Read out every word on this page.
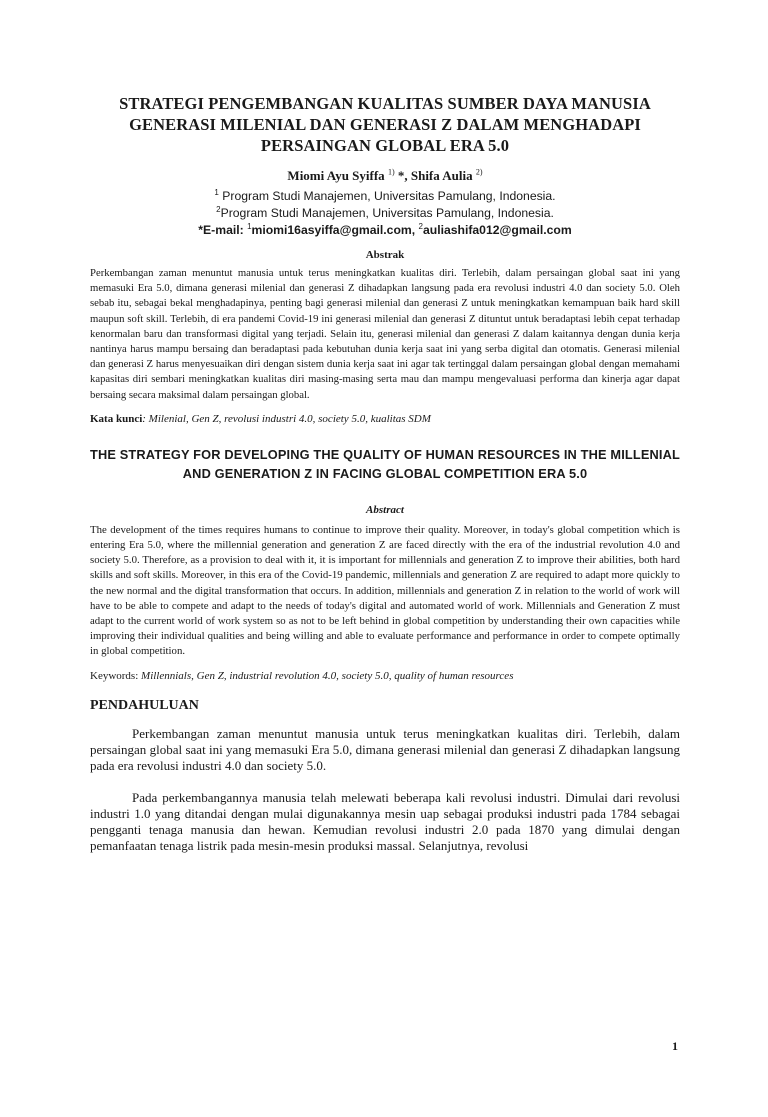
STRATEGI PENGEMBANGAN KUALITAS SUMBER DAYA MANUSIA GENERASI MILENIAL DAN GENERASI Z DALAM MENGHADAPI PERSAINGAN GLOBAL ERA 5.0
Miomi Ayu Syiffa $^{1)}$ *, Shifa Aulia $^{2)}$
$^1$ Program Studi Manajemen, Universitas Pamulang, Indonesia.
$^2$Program Studi Manajemen, Universitas Pamulang, Indonesia.
*E-mail: $^1$miomi16asyiffa@gmail.com, $^2$auliashifa012@gmail.com
Abstrak
Perkembangan zaman menuntut manusia untuk terus meningkatkan kualitas diri. Terlebih, dalam persaingan global saat ini yang memasuki Era 5.0, dimana generasi milenial dan generasi Z dihadapkan langsung pada era revolusi industri 4.0 dan society 5.0. Oleh sebab itu, sebagai bekal menghadapinya, penting bagi generasi milenial dan generasi Z untuk meningkatkan kemampuan baik hard skill maupun soft skill. Terlebih, di era pandemi Covid-19 ini generasi milenial dan generasi Z dituntut untuk beradaptasi lebih cepat terhadap kenormalan baru dan transformasi digital yang terjadi. Selain itu, generasi milenial dan generasi Z dalam kaitannya dengan dunia kerja nantinya harus mampu bersaing dan beradaptasi pada kebutuhan dunia kerja saat ini yang serba digital dan otomatis. Generasi milenial dan generasi Z harus menyesuaikan diri dengan sistem dunia kerja saat ini agar tak tertinggal dalam persaingan global dengan memahami kapasitas diri sembari meningkatkan kualitas diri masing-masing serta mau dan mampu mengevaluasi performa dan kinerja agar dapat bersaing secara maksimal dalam persaingan global.
Kata kunci: Milenial, Gen Z, revolusi industri 4.0, society 5.0, kualitas SDM
THE STRATEGY FOR DEVELOPING THE QUALITY OF HUMAN RESOURCES IN THE MILLENIAL AND GENERATION Z IN FACING GLOBAL COMPETITION ERA 5.0
Abstract
The development of the times requires humans to continue to improve their quality. Moreover, in today's global competition which is entering Era 5.0, where the millennial generation and generation Z are faced directly with the era of the industrial revolution 4.0 and society 5.0. Therefore, as a provision to deal with it, it is important for millennials and generation Z to improve their abilities, both hard skills and soft skills. Moreover, in this era of the Covid-19 pandemic, millennials and generation Z are required to adapt more quickly to the new normal and the digital transformation that occurs. In addition, millennials and generation Z in relation to the world of work will have to be able to compete and adapt to the needs of today's digital and automated world of work. Millennials and Generation Z must adapt to the current world of work system so as not to be left behind in global competition by understanding their own capacities while improving their individual qualities and being willing and able to evaluate performance and performance in order to compete optimally in global competition.
Keywords: Millennials, Gen Z, industrial revolution 4.0, society 5.0, quality of human resources
PENDAHULUAN
Perkembangan zaman menuntut manusia untuk terus meningkatkan kualitas diri. Terlebih, dalam persaingan global saat ini yang memasuki Era 5.0, dimana generasi milenial dan generasi Z dihadapkan langsung pada era revolusi industri 4.0 dan society 5.0.
Pada perkembangannya manusia telah melewati beberapa kali revolusi industri. Dimulai dari revolusi industri 1.0 yang ditandai dengan mulai digunakannya mesin uap sebagai produksi industri pada 1784 sebagai pengganti tenaga manusia dan hewan. Kemudian revolusi industri 2.0 pada 1870 yang dimulai dengan pemanfaatan tenaga listrik pada mesin-mesin produksi massal. Selanjutnya, revolusi
1
